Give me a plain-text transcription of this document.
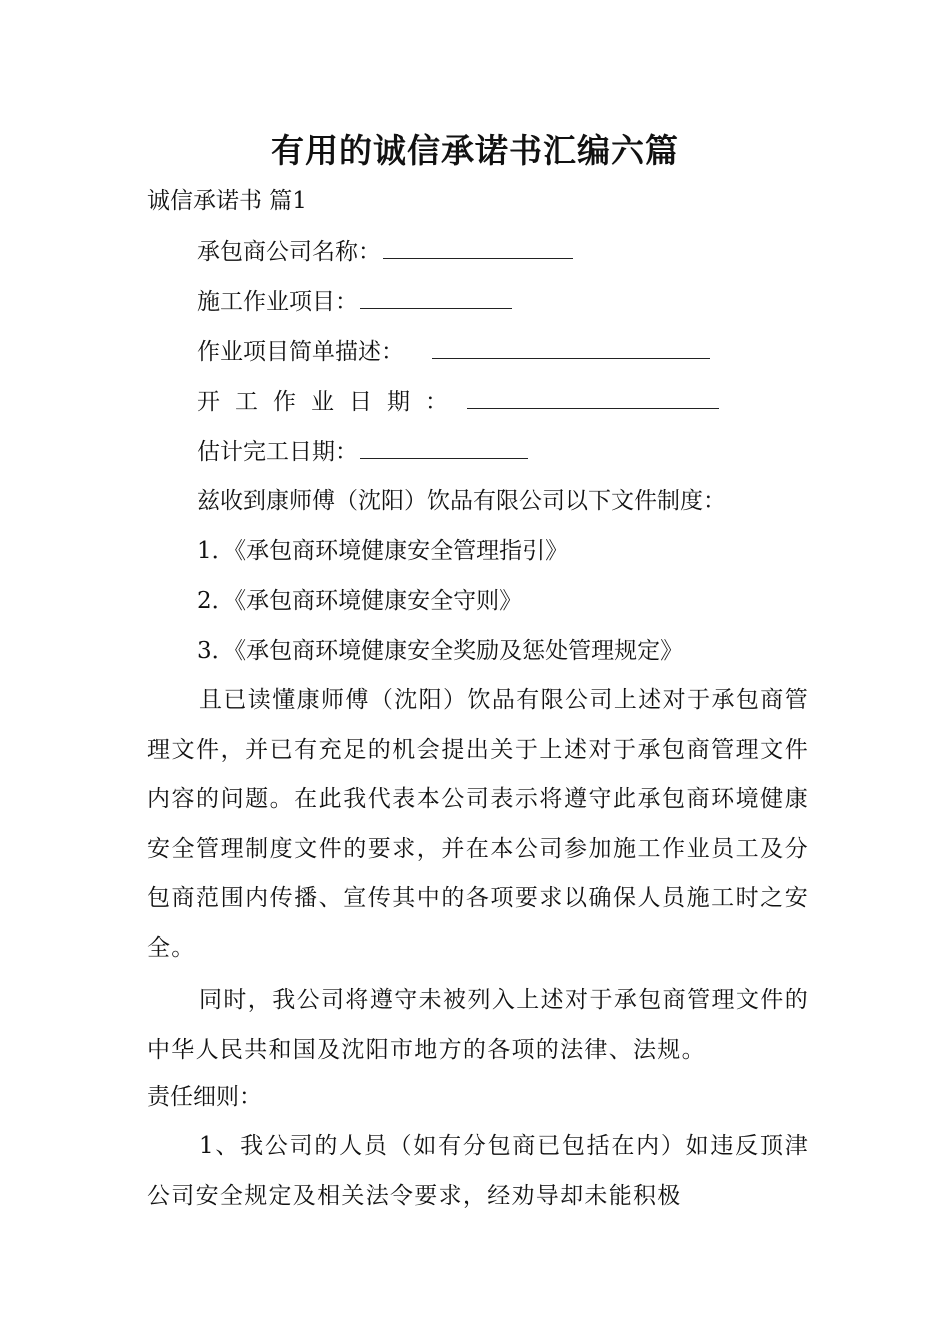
有用的诚信承诺书汇编六篇
诚信承诺书 篇1
承包商公司名称：
施工作业项目：
作业项目简单描述：
开工作业日期：
估计完工日期：
兹收到康师傅（沈阳）饮品有限公司以下文件制度：
1．《承包商环境健康安全管理指引》
2．《承包商环境健康安全守则》
3．《承包商环境健康安全奖励及惩处管理规定》
且已读懂康师傅（沈阳）饮品有限公司上述对于承包商管理文件，并已有充足的机会提出关于上述对于承包商管理文件内容的问题。在此我代表本公司表示将遵守此承包商环境健康安全管理制度文件的要求，并在本公司参加施工作业员工及分包商范围内传播、宣传其中的各项要求以确保人员施工时之安全。
同时，我公司将遵守未被列入上述对于承包商管理文件的中华人民共和国及沈阳市地方的各项的法律、法规。
责任细则：
1、我公司的人员（如有分包商已包括在内）如违反顶津公司安全规定及相关法令要求，经劝导却未能积极
